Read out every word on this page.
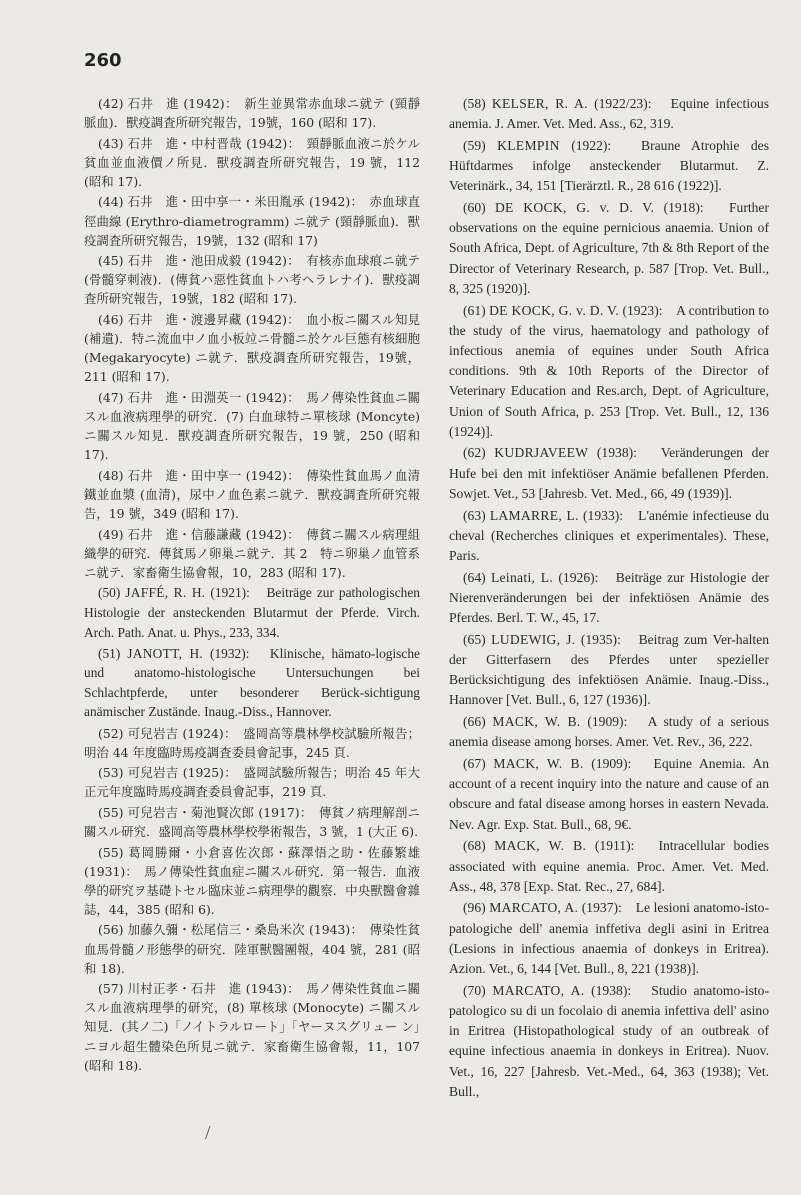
260

(42) 石井　進 (1942)：　新生並異常赤血球ニ就テ (頸靜脈血)．獸疫調査所研究報告，19號，160 (昭和 17).

(43) 石井　進・中村晋哉 (1942)：　頸靜脈血液ニ於ケル貧血並血液價ノ所見．獸疫調査所研究報告，19 號，112 (昭和 17).

(44) 石井　進・田中享一・米田胤承 (1942)：　赤血球直徑曲線 (Erythro-diametrogramm) ニ就テ (頸靜脈血)．獸疫調査所研究報告，19號，132 (昭和 17)

(45) 石井　進・池田成毅 (1942)：　有核赤血球痕ニ就テ (骨髓穿刺液)．(傳貧ハ惡性貧血トハ考ヘラレナイ)．獸疫調査所研究報告，19號，182 (昭和 17).

(46) 石井　進・渡邊昇藏 (1942)：　血小板ニ關スル知見 (補遺)．特ニ流血中ノ血小板竝ニ骨髓ニ於ケル巨態有核細胞 (Megakaryocyte) ニ就テ．獸疫調査所研究報告，19號，211 (昭和 17).

(47) 石井　進・田淵英一 (1942)：　馬ノ傳染性貧血ニ關スル血液病理學的研究．(7) 白血球特ニ單核球 (Moncyte) ニ關スル知見．獸疫調査所研究報告，19 號，250 (昭和 17).

(48) 石井　進・田中享一 (1942)：　傳染性貧血馬ノ血清鐵並血漿 (血清)，尿中ノ血色素ニ就テ．獸疫調査所研究報告，19 號，349 (昭和 17).

(49) 石井　進・信藤謙藏 (1942)：　傳貧ニ關スル病理組織學的研究．傳貧馬ノ卵巢ニ就テ．其 2　特ニ卵巢ノ血管系ニ就テ．家畜衛生協會報，10，283 (昭和 17).

(50) JAFFÉ, R. H. (1921):　Beiträge zur pathologischen Histologie der ansteckenden Blutarmut der Pferde. Virch. Arch. Path. Anat. u. Phys., 233, 334.

(51) JANOTT, H. (1932):　Klinische, hämato-logische und anatomo-histologische Untersuchungen bei Schlachtpferde, unter besonderer Berück-sichtigung anämischer Zustände. Inaug.-Diss., Hannover.

(52) 可兒岩吉 (1924)：　盛岡高等農林學校試驗所報告；明治 44 年度臨時馬疫調査委員會記事，245 頁.

(53) 可兒岩吉 (1925)：　盛岡試驗所報告；明治 45 年大正元年度臨時馬疫調査委員會記事，219 頁.

(55) 可兒岩吉・菊池賢次郎 (1917)：　傳貧ノ病理解剖ニ關スル研究．盛岡高等農林學校學術報告，3 號，1 (大正 6).

(55) 葛岡勝爾・小倉喜佐次郎・蘇澤悟之助・佐藤繁雄 (1931)：　馬ノ傳染性貧血症ニ關スル研究．第一報告．血液學的研究ヲ基礎トセル臨床並ニ病理學的觀察．中央獸醫會雜誌，44，385 (昭和 6).

(56) 加藤久彌・松尾信三・桑島米次 (1943)：　傳染性貧血馬骨髓ノ形態學的研究．陸軍獸醫團報，404 號，281 (昭和 18).

(57) 川村正孝・石井　進 (1943)：　馬ノ傳染性貧血ニ關スル血液病理學的研究，(8) 單核球 (Monocyte) ニ關スル知見．(其ノ二)「ノイトラルロート」「ヤーヌスグリュー ン」ニヨル超生體染色所見ニ就テ．家畜衛生協會報，11，107 (昭和 18).

(58) KELSER, R. A. (1922/23):　Equine infectious anemia. J. Amer. Vet. Med. Ass., 62, 319.

(59) KLEMPIN (1922):　Braune Atrophie des Hüftdarmes infolge ansteckender Blutarmut. Z. Veterinärk., 34, 151 [Tierärztl. R., 28 616 (1922)].

(60) DE KOCK, G. v. D. V. (1918):　Further observations on the equine pernicious anaemia. Union of South Africa, Dept. of Agriculture, 7th & 8th Report of the Director of Veterinary Research, p. 587 [Trop. Vet. Bull., 8, 325 (1920)].

(61) DE KOCK, G. v. D. V. (1923):　A contribution to the study of the virus, haematology and pathology of infectious anemia of equines under South Africa conditions. 9th & 10th Reports of the Director of Veterinary Education and Res.arch, Dept. of Agriculture, Union of South Africa, p. 253 [Trop. Vet. Bull., 12, 136 (1924)].

(62) KUDRJAVEEW (1938):　Veränderungen der Hufe bei den mit infektiöser Anämie befallenen Pferden. Sowjet. Vet., 53 [Jahresb. Vet. Med., 66, 49 (1939)].

(63) LAMARRE, L. (1933):　L'anémie infectieuse du cheval (Recherches cliniques et experimentales). These, Paris.

(64) Leinati, L. (1926):　Beiträge zur Histologie der Nierenveränderungen bei der infektiösen Anämie des Pferdes. Berl. T. W., 45, 17.

(65) LUDEWIG, J. (1935):　Beitrag zum Ver-halten der Gitterfasern des Pferdes unter spezieller Berücksichtigung des infektiösen Anämie. Inaug.-Diss., Hannover [Vet. Bull., 6, 127 (1936)].

(66) MACK, W. B. (1909):　A study of a serious anemia disease among horses. Amer. Vet. Rev., 36, 222.

(67) MACK, W. B. (1909):　Equine Anemia. An account of a recent inquiry into the nature and cause of an obscure and fatal disease among horses in eastern Nevada. Nev. Agr. Exp. Stat. Bull., 68, 9€.

(68) MACK, W. B. (1911):　Intracellular bodies associated with equine anemia. Proc. Amer. Vet. Med. Ass., 48, 378 [Exp. Stat. Rec., 27, 684].

(96) MARCATO, A. (1937):　Le lesioni anatomo-isto-patologiche dell' anemia inffetiva degli asini in Eritrea (Lesions in infectious anaemia of donkeys in Eritrea). Azion. Vet., 6, 144 [Vet. Bull., 8, 221 (1938)].

(70) MARCATO, A. (1938):　Studio anatomo-isto-patologico su di un focolaio di anemia infettiva dell' asino in Eritrea (Histopathological study of an outbreak of equine infectious anaemia in donkeys in Eritrea). Nuov. Vet., 16, 227 [Jahresb. Vet.-Med., 64, 363 (1938); Vet. Bull.,

/
